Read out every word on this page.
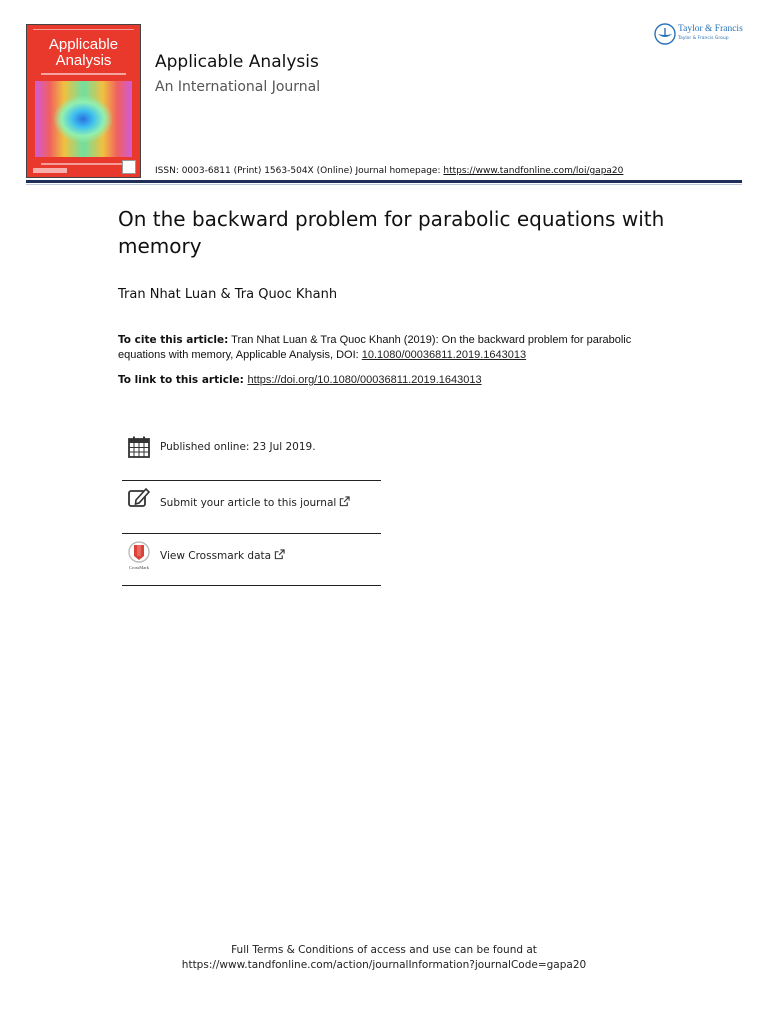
Applicable
Analysis	Applicable Analysis
An International Journal
ISSN: 0003-6811 (Print) 1563-504X (Online) Journal homepage: https://www.tandfonline.com/loi/gapa20
Taylor & Francis
Taylor & Francis Group
On the backward problem for parabolic equations with memory
Tran Nhat Luan & Tra Quoc Khanh
To cite this article: Tran Nhat Luan & Tra Quoc Khanh (2019): On the backward problem for parabolic equations with memory, Applicable Analysis, DOI: 10.1080/00036811.2019.1643013
To link to this article: https://doi.org/10.1080/00036811.2019.1643013
Published online: 23 Jul 2019.
Submit your article to this journal
CrossMark
View Crossmark data
Full Terms & Conditions of access and use can be found at
https://www.tandfonline.com/action/journalInformation?journalCode=gapa20
